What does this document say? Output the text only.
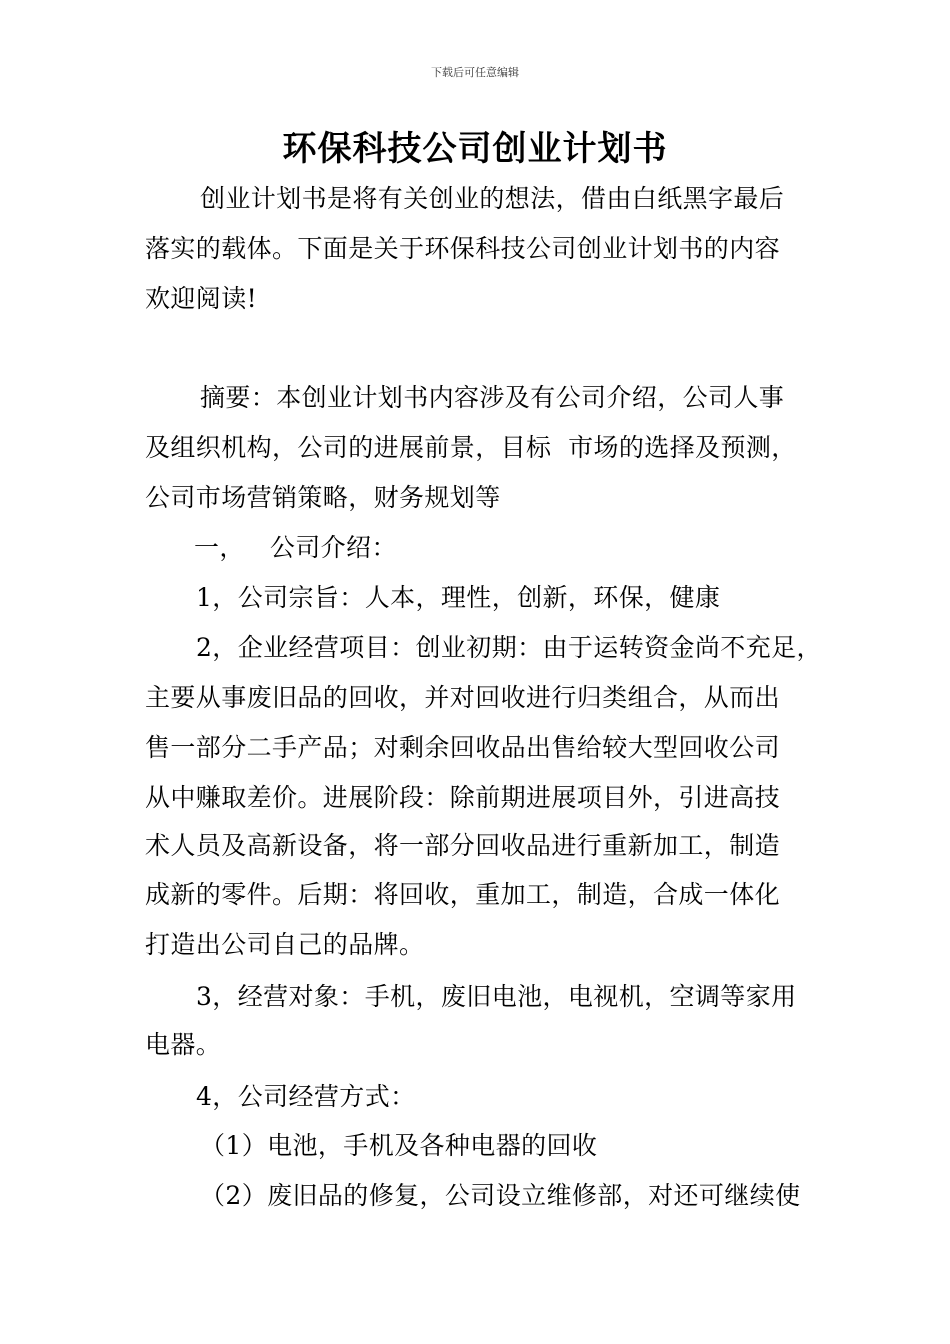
下载后可任意编辑
环保科技公司创业计划书
创业计划书是将有关创业的想法，借由白纸黑字最后
落实的载体。下面是关于环保科技公司创业计划书的内容
欢迎阅读!
摘要：本创业计划书内容涉及有公司介绍，公司人事
及组织机构，公司的进展前景，目标  市场的选择及预测，
公司市场营销策略，财务规划等
一，   公司介绍：
1，公司宗旨：人本，理性，创新，环保，健康
2，企业经营项目：创业初期：由于运转资金尚不充足，
主要从事废旧品的回收，并对回收进行归类组合，从而出
售一部分二手产品；对剩余回收品出售给较大型回收公司
从中赚取差价。进展阶段：除前期进展项目外，引进高技
术人员及高新设备，将一部分回收品进行重新加工，制造
成新的零件。后期：将回收，重加工，制造，合成一体化
打造出公司自己的品牌。
3，经营对象：手机，废旧电池，电视机，空调等家用
电器。
4，公司经营方式：
（1）电池，手机及各种电器的回收
（2）废旧品的修复，公司设立维修部，对还可继续使
